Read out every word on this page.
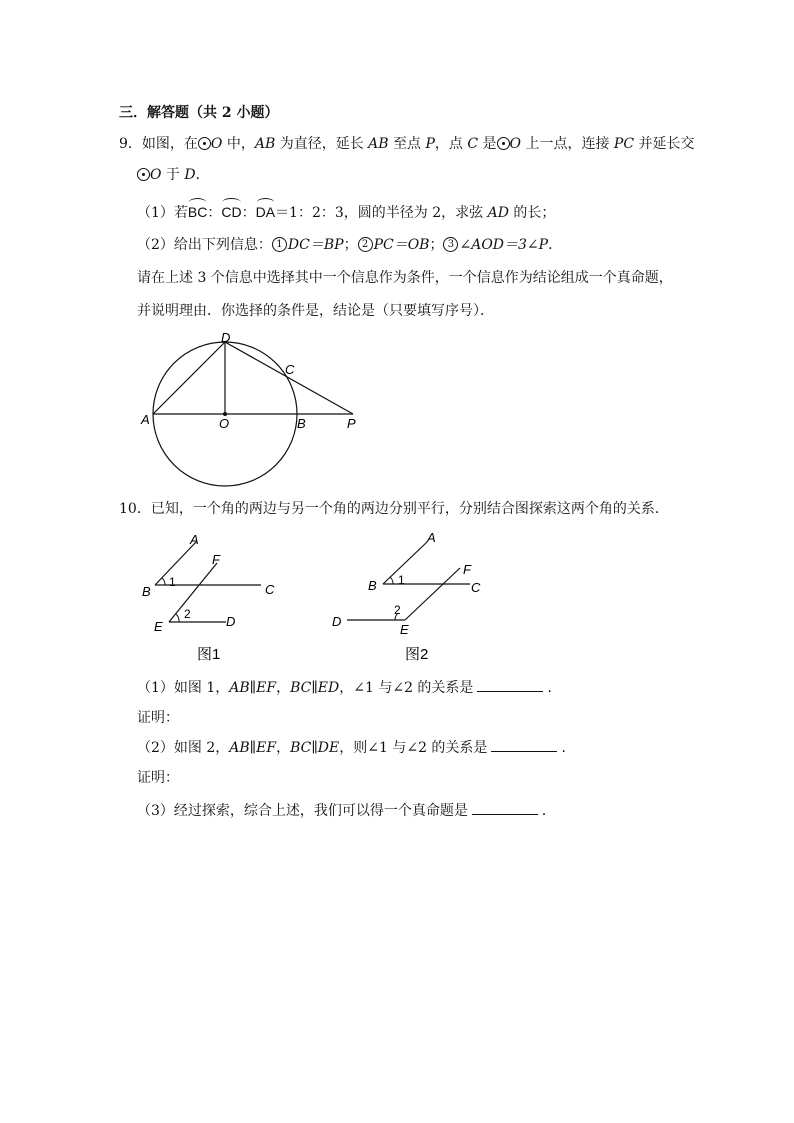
三．解答题（共 2 小题）
9．如图，在 O 中，AB 为直径，延长 AB 至点 P，点 C 是 O 上一点，连接 PC 并延长交
O 于 D．
（1）若BC：CD：DA＝1：2：3，圆的半径为 2，求弦 AD 的长；
（2）给出下列信息： 1 DC＝BP； 2 PC＝OB； 3 ∠AOD＝3∠P．
请在上述 3 个信息中选择其中一个信息作为条件，一个信息作为结论组成一个真命题，
并说明理由．你选择的条件是，结论是（只要填写序号）．
D
C
A	O	B	P
10．已知，一个角的两边与另一个角的两边分别平行，分别结合图探索这两个角的关系．
A
F
B
1	C
2
E	D
图1
A
F
B 1	C
2
D
E
图2
（1）如图 1，AB∥EF，BC∥ED，∠1 与∠2 的关系是	．
证明：
（2）如图 2，AB∥EF，BC∥DE，则∠1 与∠2 的关系是	．
证明：
（3）经过探索，综合上述，我们可以得一个真命题是	．
